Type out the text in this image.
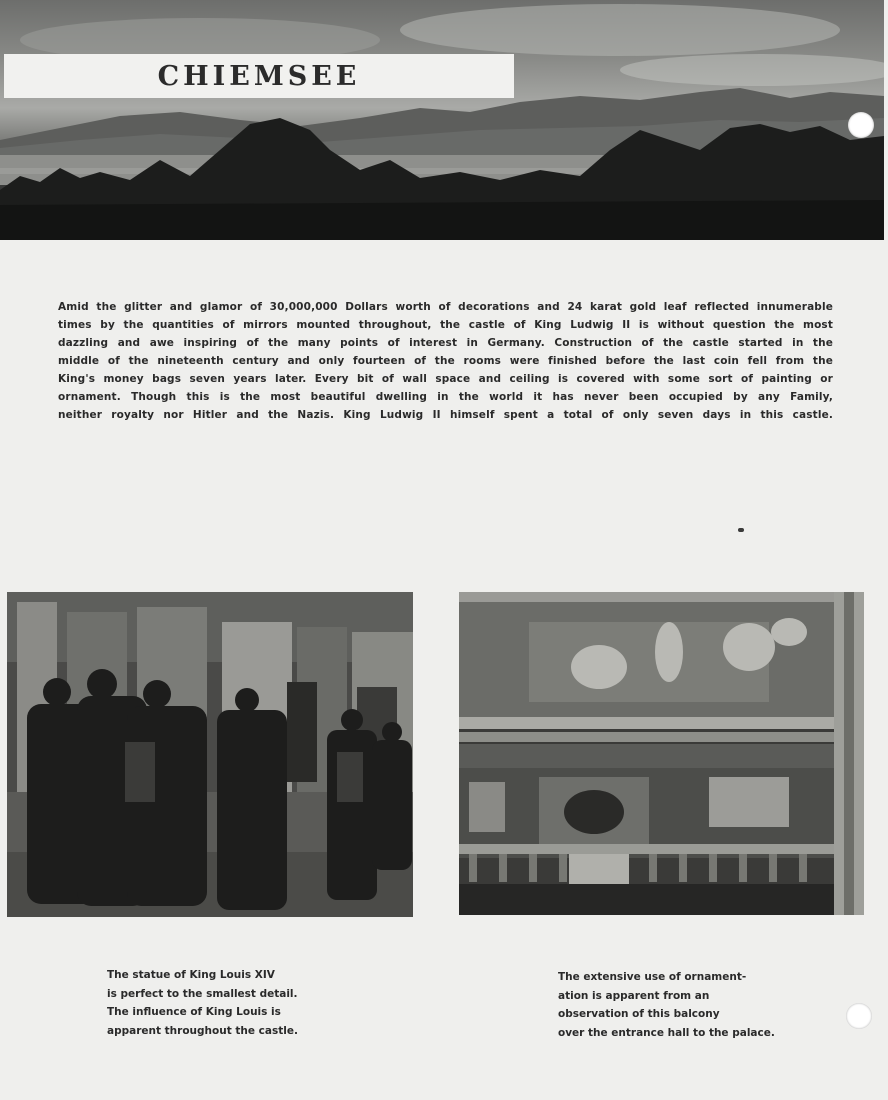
CHIEMSEE
Amid the glitter and glamor of 30,000,000 Dollars worth of decorations and 24 karat gold leaf reflected innumerable
times by the quantities of mirrors mounted throughout, the castle of King Ludwig II is without question the most
dazzling and awe inspiring of the many points of interest in Germany. Construction of the castle started in the
middle of the nineteenth century and only fourteen of the rooms were finished before the last coin fell from the
King's money bags seven years later. Every bit of wall space and ceiling is covered with some sort of painting or
ornament. Though this is the most beautiful dwelling in the world it has never been occupied by any Family,
neither royalty nor Hitler and the Nazis. King Ludwig II himself spent a total of only seven days in this castle.
The statue of King Louis XIV
is perfect to the smallest detail.
The influence of King Louis is
apparent throughout the castle.
The extensive use of ornament-
ation is apparent from an
observation of this balcony
over the entrance hall to the palace.
